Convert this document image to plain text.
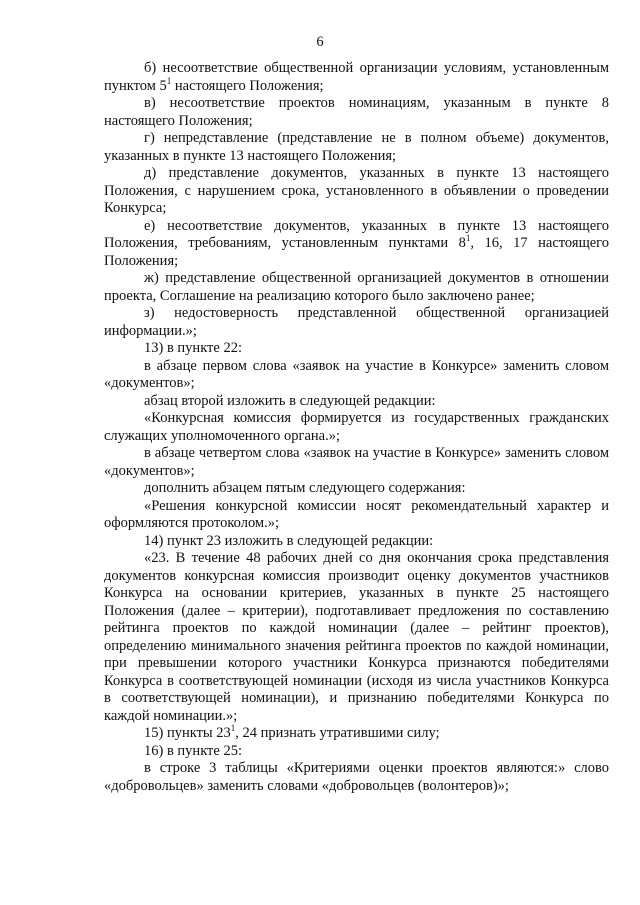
6

б) несоответствие общественной организации условиям, установленным пунктом $5^1$ настоящего Положения;

в) несоответствие проектов номинациям, указанным в пункте 8 настоящего Положения;

г) непредставление (представление не в полном объеме) документов, указанных в пункте 13 настоящего Положения;

д) представление документов, указанных в пункте 13 настоящего Положения, с нарушением срока, установленного в объявлении о проведении Конкурса;

е) несоответствие документов, указанных в пункте 13 настоящего Положения, требованиям, установленным пунктами $8^1$, 16, 17 настоящего Положения;

ж) представление общественной организацией документов в отношении проекта, Соглашение на реализацию которого было заключено ранее;

з) недостоверность представленной общественной организацией информации.»;

13) в пункте 22:

в абзаце первом слова «заявок на участие в Конкурсе» заменить словом «документов»;

абзац второй изложить в следующей редакции:

«Конкурсная комиссия формируется из государственных гражданских служащих уполномоченного органа.»;

в абзаце четвертом слова «заявок на участие в Конкурсе» заменить словом «документов»;

дополнить абзацем пятым следующего содержания:

«Решения конкурсной комиссии носят рекомендательный характер и оформляются протоколом.»;

14) пункт 23 изложить в следующей редакции:

«23. В течение 48 рабочих дней со дня окончания срока представления документов конкурсная комиссия производит оценку документов участников Конкурса на основании критериев, указанных в пункте 25 настоящего Положения (далее – критерии), подготавливает предложения по составлению рейтинга проектов по каждой номинации (далее – рейтинг проектов), определению минимального значения рейтинга проектов по каждой номинации, при превышении которого участники Конкурса признаются победителями Конкурса в соответствующей номинации (исходя из числа участников Конкурса в соответствующей номинации), и признанию победителями Конкурса по каждой номинации.»;

15) пункты $23^1$, 24 признать утратившими силу;

16) в пункте 25:

в строке 3 таблицы «Критериями оценки проектов являются:» слово «добровольцев» заменить словами «добровольцев (волонтеров)»;
